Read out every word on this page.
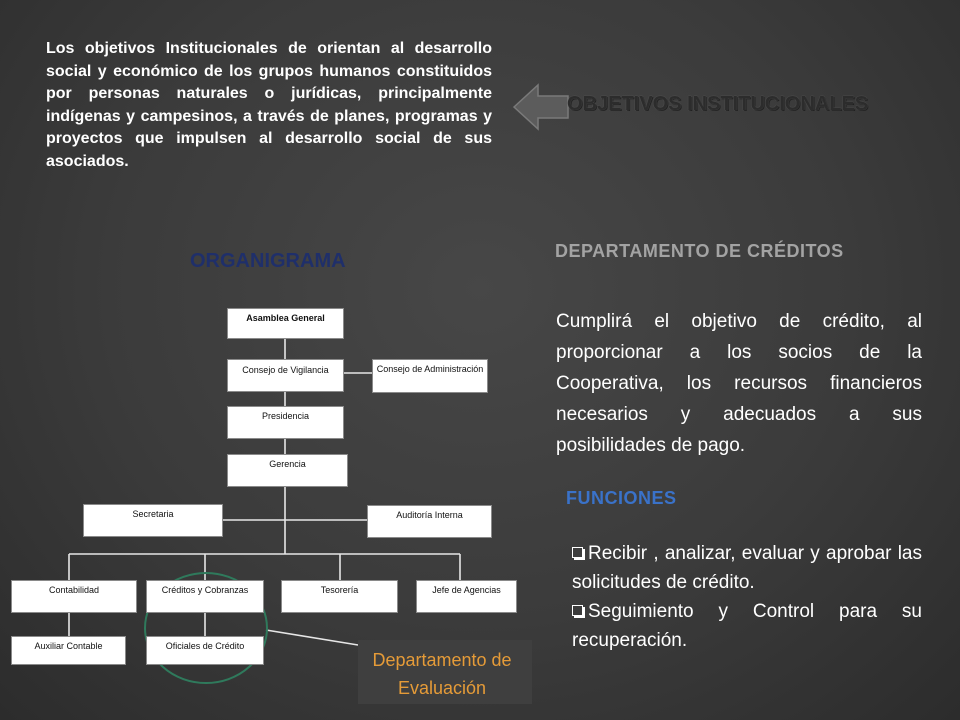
Los objetivos Institucionales de orientan al desarrollo social y económico de los grupos humanos constituidos por personas naturales o jurídicas, principalmente indígenas y campesinos, a través de planes, programas y proyectos que impulsen al desarrollo social de sus asociados.

OBJETIVOS INSTITUCIONALES
ORGANIGRAMA	DEPARTAMENTO DE CRÉDITOS

Cumplirá el objetivo de crédito, al proporcionar a los socios de la Cooperativa, los recursos financieros necesarios y adecuados a sus posibilidades de pago.

FUNCIONES
Recibir , analizar, evaluar y aprobar las solicitudes de crédito.
Seguimiento y Control para su recuperación.
Asamblea General
Consejo de Vigilancia	Consejo de Administración
Presidencia
Gerencia
Secretaria	Auditoría Interna
Contabilidad	Créditos y Cobranzas	Tesorería	Jefe de Agencias
Auxiliar Contable	Oficiales de Crédito
Departamento de Evaluación
